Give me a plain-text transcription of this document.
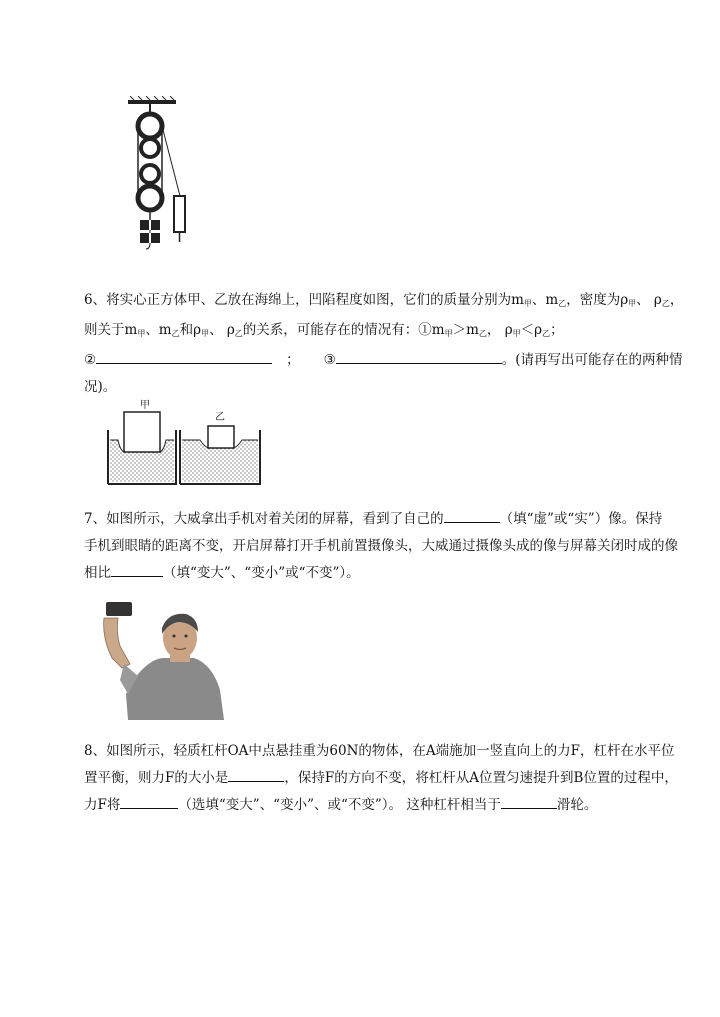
6、将实心正方体甲、乙放在海绵上，凹陷程度如图，它们的质量分别为$m_甲$、$m_乙$，密度为$\rho_甲$、 $\rho_乙$，
则关于$m_甲$、$m_乙$和$\rho_甲$、 $\rho_乙$的关系，可能存在的情况有：$①m_甲>m_乙$， $\rho_甲<\rho_乙$；
②	； ③	。(请再写出可能存在的两种情
况)。
甲
乙
7、如图所示，大威拿出手机对着关闭的屏幕，看到了自己的	（填“虚”或“实”）像。保持
手机到眼睛的距离不变，开启屏幕打开手机前置摄像头，大威通过摄像头成的像与屏幕关闭时成的像
相比	（填“变大”、“变小”或“不变”）。
8、如图所示，轻质杠杆OA中点悬挂重为60N的物体，在A端施加一竖直向上的力F，杠杆在水平位
置平衡，则力F的大小是	，保持F的方向不变，将杠杆从A位置匀速提升到B位置的过程中，
力F将	（选填“变大”、“变小”、或“不变”）。 这种杠杆相当于	滑轮。
